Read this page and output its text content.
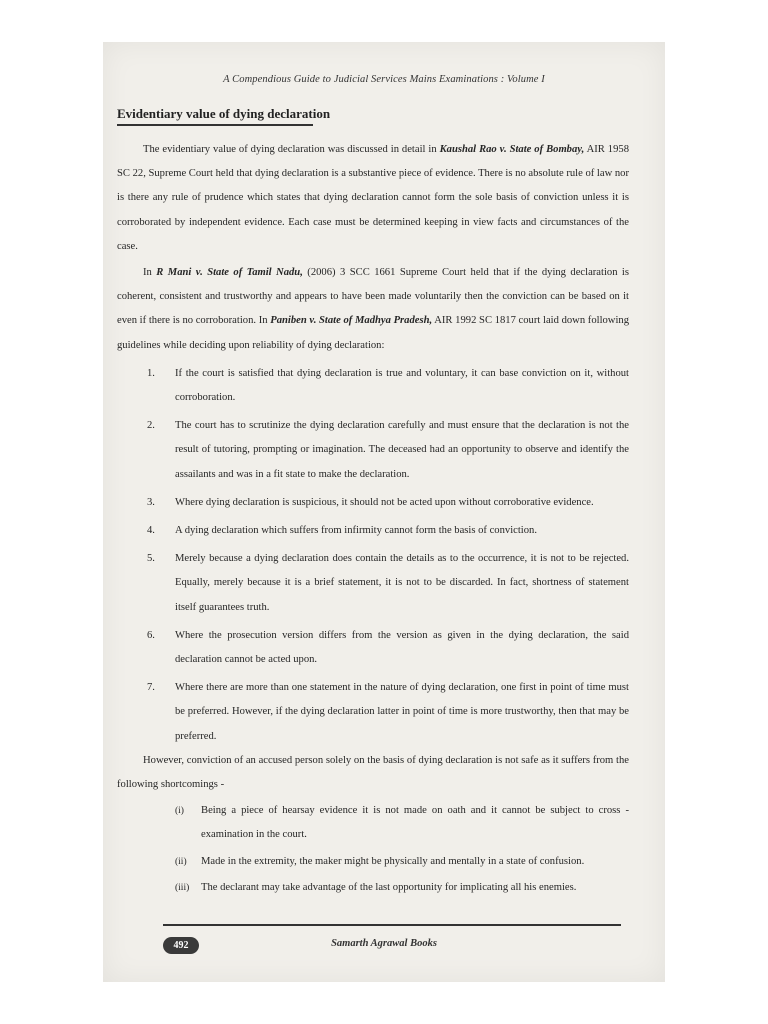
A Compendious Guide to Judicial Services Mains Examinations : Volume I
Evidentiary value of dying declaration

The evidentiary value of dying declaration was discussed in detail in Kaushal Rao v. State of Bombay, AIR 1958 SC 22, Supreme Court held that dying declaration is a substantive piece of evidence. There is no absolute rule of law nor is there any rule of prudence which states that dying declaration cannot form the sole basis of conviction unless it is corroborated by independent evidence. Each case must be determined keeping in view facts and circumstances of the case.

In R Mani v. State of Tamil Nadu, (2006) 3 SCC 1661 Supreme Court held that if the dying declaration is coherent, consistent and trustworthy and appears to have been made voluntarily then the conviction can be based on it even if there is no corroboration. In Paniben v. State of Madhya Pradesh, AIR 1992 SC 1817 court laid down following guidelines while deciding upon reliability of dying declaration:

1. If the court is satisfied that dying declaration is true and voluntary, it can base conviction on it, without corroboration.
2. The court has to scrutinize the dying declaration carefully and must ensure that the declaration is not the result of tutoring, prompting or imagination. The deceased had an opportunity to observe and identify the assailants and was in a fit state to make the declaration.
3. Where dying declaration is suspicious, it should not be acted upon without corroborative evidence.
4. A dying declaration which suffers from infirmity cannot form the basis of conviction.
5. Merely because a dying declaration does contain the details as to the occurrence, it is not to be rejected. Equally, merely because it is a brief statement, it is not to be discarded. In fact, shortness of statement itself guarantees truth.
6. Where the prosecution version differs from the version as given in the dying declaration, the said declaration cannot be acted upon.
7. Where there are more than one statement in the nature of dying declaration, one first in point of time must be preferred. However, if the dying declaration latter in point of time is more trustworthy, then that may be preferred.

However, conviction of an accused person solely on the basis of dying declaration is not safe as it suffers from the following shortcomings -

(i) Being a piece of hearsay evidence it is not made on oath and it cannot be subject to cross - examination in the court.
(ii) Made in the extremity, the maker might be physically and mentally in a state of confusion.
(iii) The declarant may take advantage of the last opportunity for implicating all his enemies.
492	Samarth Agrawal Books
